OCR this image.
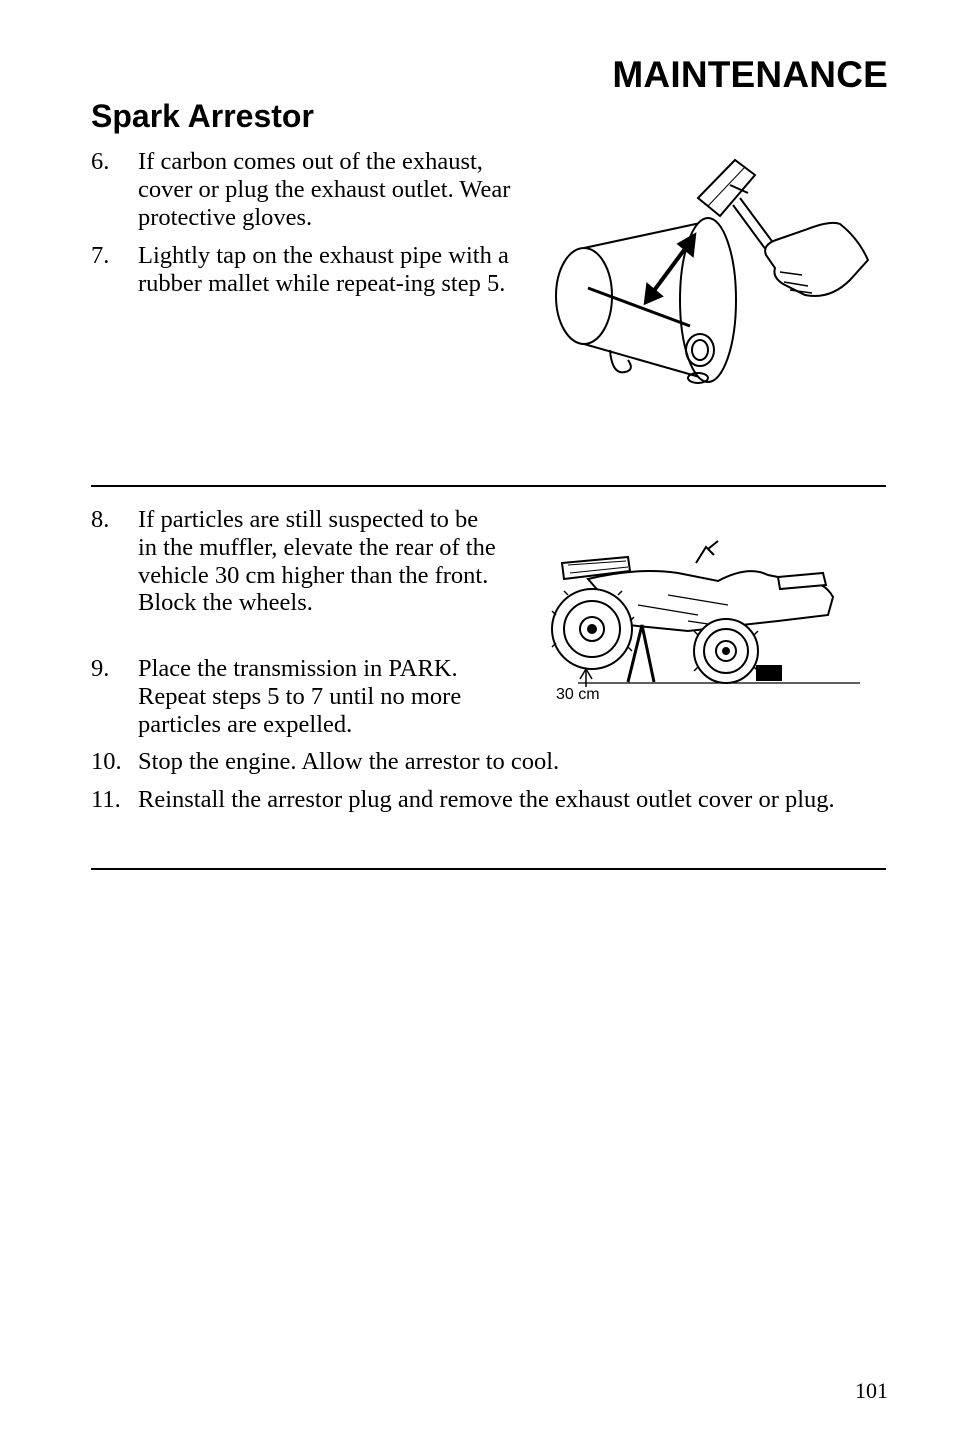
MAINTENANCE
Spark Arrestor
6.	If carbon comes out of the exhaust, cover or plug the exhaust outlet. Wear protective gloves.
7.	Lightly tap on the exhaust pipe with a rubber mallet while repeat-ing step 5.
8.	If particles are still suspected to be in the muffler, elevate the rear of the vehicle 30 cm higher than the front. Block the wheels.
9.	Place the transmission in PARK. Repeat steps 5 to 7 until no more particles are expelled.
30 cm
10. Stop the engine. Allow the arrestor to cool.
11. Reinstall the arrestor plug and remove the exhaust outlet cover or plug.
101
